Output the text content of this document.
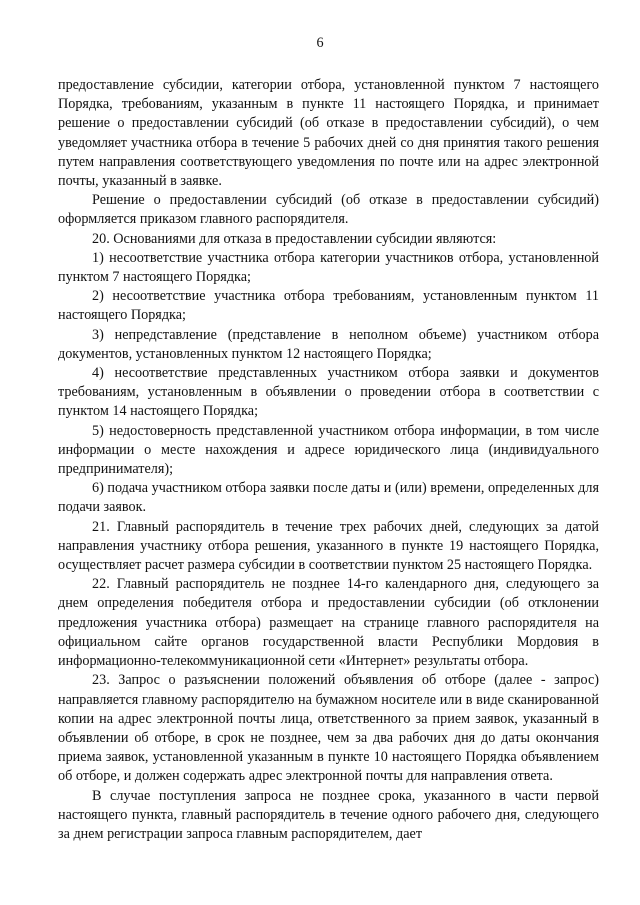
6

предоставление субсидии, категории отбора, установленной пунктом 7 настоящего Порядка, требованиям, указанным в пункте 11 настоящего Порядка, и принимает решение о предоставлении субсидий (об отказе в предоставлении субсидий), о чем уведомляет участника отбора в течение 5 рабочих дней со дня принятия такого решения путем направления соответствующего уведомления по почте или на адрес электронной почты, указанный в заявке.

Решение о предоставлении субсидий (об отказе в предоставлении субсидий) оформляется приказом главного распорядителя.

20. Основаниями для отказа в предоставлении субсидии являются:

1) несоответствие участника отбора категории участников отбора, установленной пунктом 7 настоящего Порядка;

2) несоответствие участника отбора требованиям, установленным пунктом 11 настоящего Порядка;

3) непредставление (представление в неполном объеме) участником отбора документов, установленных пунктом 12 настоящего Порядка;

4) несоответствие представленных участником отбора заявки и документов требованиям, установленным в объявлении о проведении отбора в соответствии с пунктом 14 настоящего Порядка;

5) недостоверность представленной участником отбора информации, в том числе информации о месте нахождения и адресе юридического лица (индивидуального предпринимателя);

6) подача участником отбора заявки после даты и (или) времени, определенных для подачи заявок.

21. Главный распорядитель в течение трех рабочих дней, следующих за датой направления участнику отбора решения, указанного в пункте 19 настоящего Порядка, осуществляет расчет размера субсидии в соответствии пунктом 25 настоящего Порядка.

22. Главный распорядитель не позднее 14-го календарного дня, следующего за днем определения победителя отбора и предоставлении субсидии (об отклонении предложения участника отбора) размещает на странице главного распорядителя на официальном сайте органов государственной власти Республики Мордовия в информационно-телекоммуникационной сети «Интернет» результаты отбора.

23. Запрос о разъяснении положений объявления об отборе (далее - запрос) направляется главному распорядителю на бумажном носителе или в виде сканированной копии на адрес электронной почты лица, ответственного за прием заявок, указанный в объявлении об отборе, в срок не позднее, чем за два рабочих дня до даты окончания приема заявок, установленной указанным в пункте 10 настоящего Порядка объявлением об отборе, и должен содержать адрес электронной почты для направления ответа.

В случае поступления запроса не позднее срока, указанного в части первой настоящего пункта, главный распорядитель в течение одного рабочего дня, следующего за днем регистрации запроса главным распорядителем, дает
